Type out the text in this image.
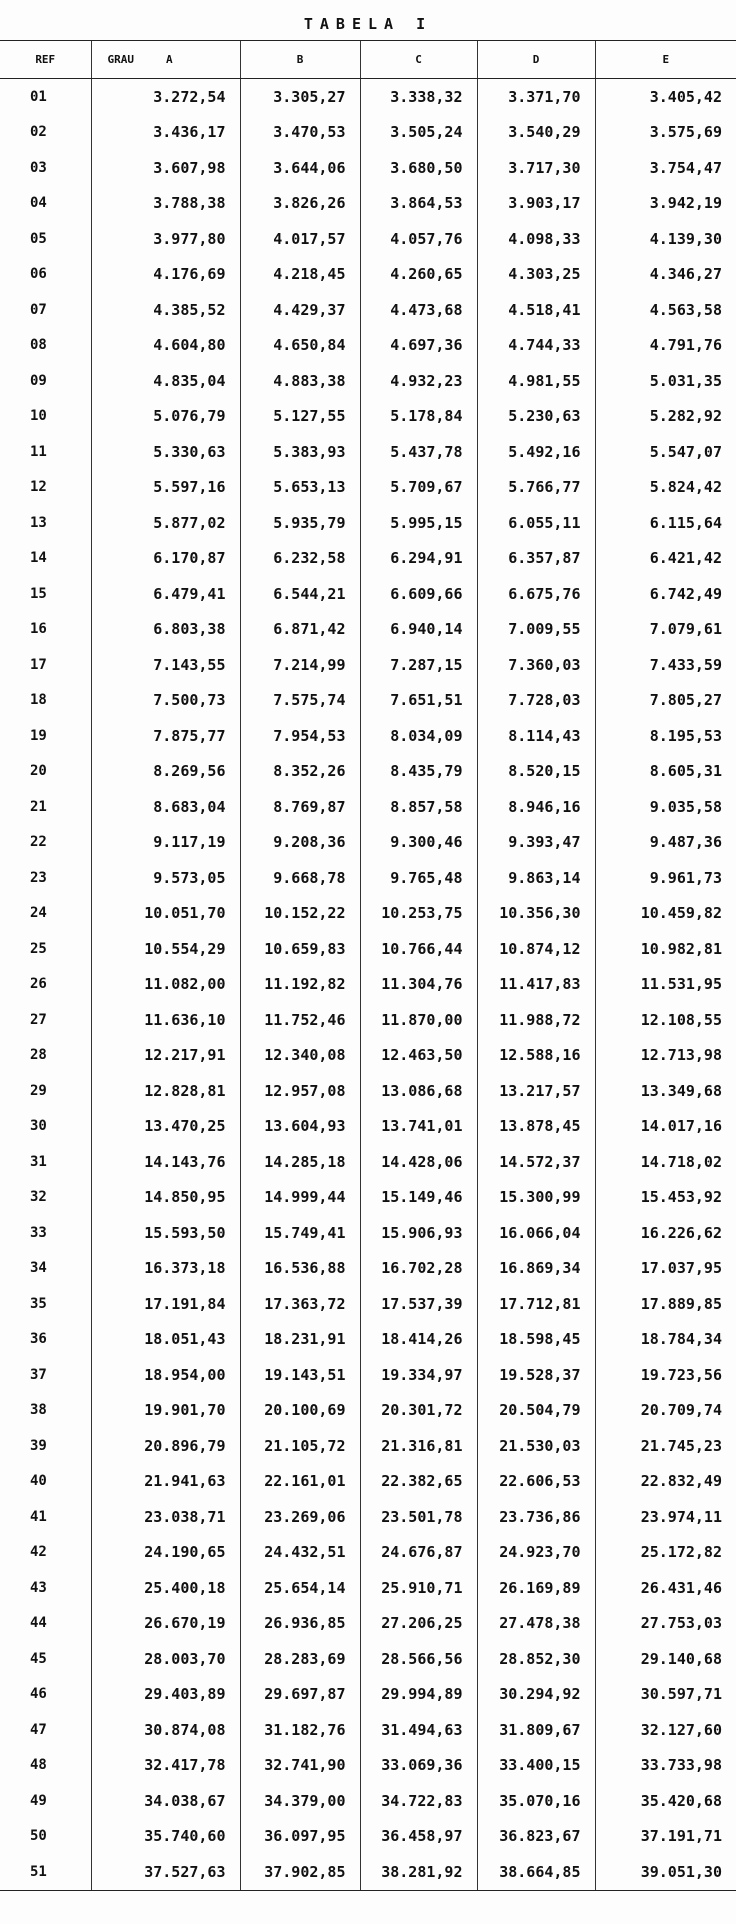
TABELA I
REF	GRAU A	B	C	D	E
01	3.272,54	3.305,27	3.338,32	3.371,70	3.405,42
02	3.436,17	3.470,53	3.505,24	3.540,29	3.575,69
03	3.607,98	3.644,06	3.680,50	3.717,30	3.754,47
04	3.788,38	3.826,26	3.864,53	3.903,17	3.942,19
05	3.977,80	4.017,57	4.057,76	4.098,33	4.139,30
06	4.176,69	4.218,45	4.260,65	4.303,25	4.346,27
07	4.385,52	4.429,37	4.473,68	4.518,41	4.563,58
08	4.604,80	4.650,84	4.697,36	4.744,33	4.791,76
09	4.835,04	4.883,38	4.932,23	4.981,55	5.031,35
10	5.076,79	5.127,55	5.178,84	5.230,63	5.282,92
11	5.330,63	5.383,93	5.437,78	5.492,16	5.547,07
12	5.597,16	5.653,13	5.709,67	5.766,77	5.824,42
13	5.877,02	5.935,79	5.995,15	6.055,11	6.115,64
14	6.170,87	6.232,58	6.294,91	6.357,87	6.421,42
15	6.479,41	6.544,21	6.609,66	6.675,76	6.742,49
16	6.803,38	6.871,42	6.940,14	7.009,55	7.079,61
17	7.143,55	7.214,99	7.287,15	7.360,03	7.433,59
18	7.500,73	7.575,74	7.651,51	7.728,03	7.805,27
19	7.875,77	7.954,53	8.034,09	8.114,43	8.195,53
20	8.269,56	8.352,26	8.435,79	8.520,15	8.605,31
21	8.683,04	8.769,87	8.857,58	8.946,16	9.035,58
22	9.117,19	9.208,36	9.300,46	9.393,47	9.487,36
23	9.573,05	9.668,78	9.765,48	9.863,14	9.961,73
24	10.051,70	10.152,22	10.253,75	10.356,30	10.459,82
25	10.554,29	10.659,83	10.766,44	10.874,12	10.982,81
26	11.082,00	11.192,82	11.304,76	11.417,83	11.531,95
27	11.636,10	11.752,46	11.870,00	11.988,72	12.108,55
28	12.217,91	12.340,08	12.463,50	12.588,16	12.713,98
29	12.828,81	12.957,08	13.086,68	13.217,57	13.349,68
30	13.470,25	13.604,93	13.741,01	13.878,45	14.017,16
31	14.143,76	14.285,18	14.428,06	14.572,37	14.718,02
32	14.850,95	14.999,44	15.149,46	15.300,99	15.453,92
33	15.593,50	15.749,41	15.906,93	16.066,04	16.226,62
34	16.373,18	16.536,88	16.702,28	16.869,34	17.037,95
35	17.191,84	17.363,72	17.537,39	17.712,81	17.889,85
36	18.051,43	18.231,91	18.414,26	18.598,45	18.784,34
37	18.954,00	19.143,51	19.334,97	19.528,37	19.723,56
38	19.901,70	20.100,69	20.301,72	20.504,79	20.709,74
39	20.896,79	21.105,72	21.316,81	21.530,03	21.745,23
40	21.941,63	22.161,01	22.382,65	22.606,53	22.832,49
41	23.038,71	23.269,06	23.501,78	23.736,86	23.974,11
42	24.190,65	24.432,51	24.676,87	24.923,70	25.172,82
43	25.400,18	25.654,14	25.910,71	26.169,89	26.431,46
44	26.670,19	26.936,85	27.206,25	27.478,38	27.753,03
45	28.003,70	28.283,69	28.566,56	28.852,30	29.140,68
46	29.403,89	29.697,87	29.994,89	30.294,92	30.597,71
47	30.874,08	31.182,76	31.494,63	31.809,67	32.127,60
48	32.417,78	32.741,90	33.069,36	33.400,15	33.733,98
49	34.038,67	34.379,00	34.722,83	35.070,16	35.420,68
50	35.740,60	36.097,95	36.458,97	36.823,67	37.191,71
51	37.527,63	37.902,85	38.281,92	38.664,85	39.051,30
